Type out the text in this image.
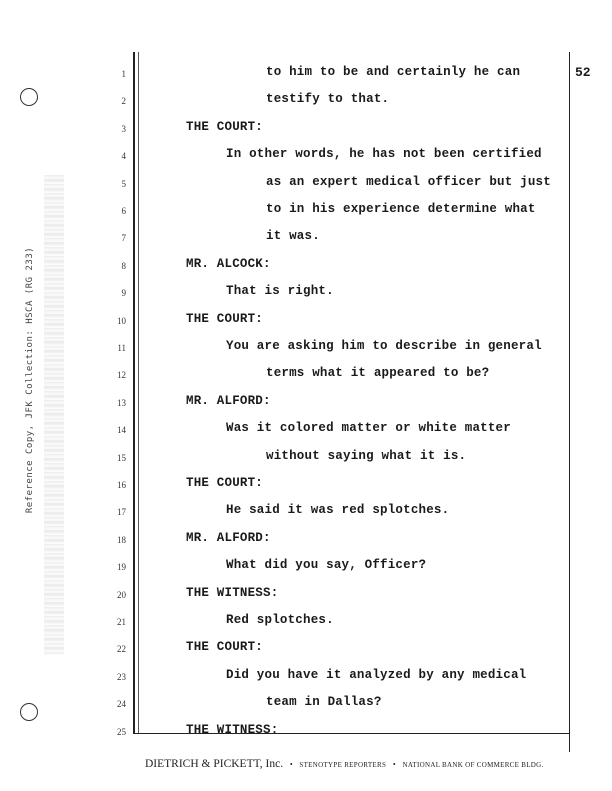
Reference Copy, JFK Collection: HSCA (RG 233)
52
1	to him to be and certainly he can
2	testify to that.
3	THE COURT:
4	In other words, he has not been certified
5	as an expert medical officer but just
6	to in his experience determine what
7	it was.
8	MR. ALCOCK:
9	That is right.
10	THE COURT:
11	You are asking him to describe in general
12	terms what it appeared to be?
13	MR. ALFORD:
14	Was it colored matter or white matter
15	without saying what it is.
16	THE COURT:
17	He said it was red splotches.
18	MR. ALFORD:
19	What did you say, Officer?
20	THE WITNESS:
21	Red splotches.
22	THE COURT:
23	Did you have it analyzed by any medical
24	team in Dallas?
25	THE WITNESS:
DIETRICH & PICKETT, Inc. • STENOTYPE REPORTERS • NATIONAL BANK OF COMMERCE BLDG.
